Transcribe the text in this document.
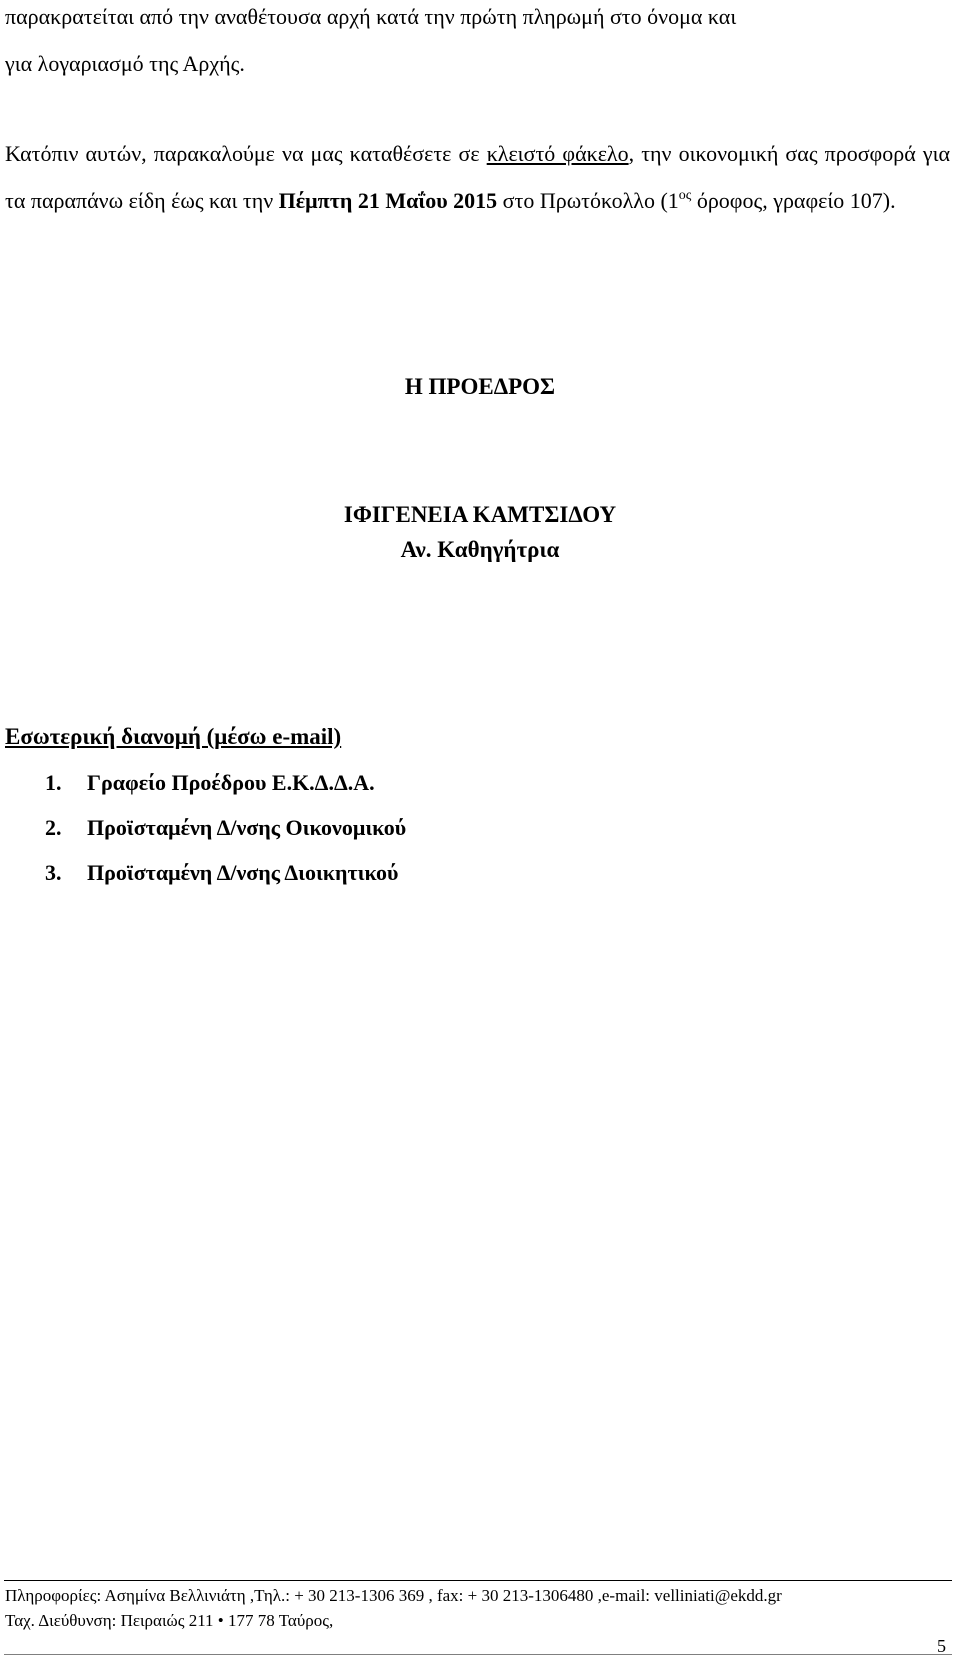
παρακρατείται από την αναθέτουσα αρχή κατά την πρώτη πληρωμή στο όνομα και
για λογαριασμό της Αρχής.

Κατόπιν αυτών, παρακαλούμε να μας καταθέσετε σε κλειστό φάκελο, την οικονομική σας προσφορά για τα παραπάνω είδη έως και την Πέμπτη 21 Μαΐου 2015 στο Πρωτόκολλο ($1^{o\varsigma}$ όροφος, γραφείο 107).

Η ΠΡΟΕΔΡΟΣ

ΙΦΙΓΕΝΕΙΑ ΚΑΜΤΣΙΔΟΥ

Αν. Καθηγήτρια

Εσωτερική διανομή (μέσω e-mail)

1. Γραφείο Προέδρου Ε.Κ.Δ.Δ.Α.
2. Προϊσταμένη Δ/νσης Οικονομικού
3. Προϊσταμένη Δ/νσης Διοικητικού

Πληροφορίες: Ασημίνα Βελλινιάτη ,Τηλ.: + 30 213-1306 369 , fax: + 30 213-1306480 ,e-mail: velliniati@ekdd.gr

Ταχ. Διεύθυνση: Πειραιώς 211 • 177 78 Ταύρος,

5
